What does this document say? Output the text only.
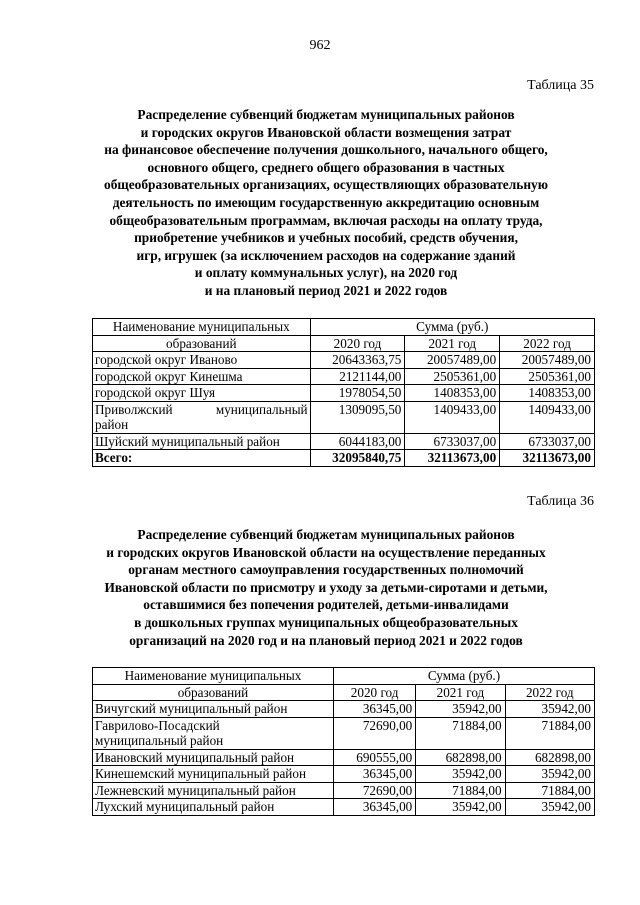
962
Таблица 35
Распределение субвенций бюджетам муниципальных районов
и городских округов Ивановской области возмещения затрат
на финансовое обеспечение получения дошкольного, начального общего,
основного общего, среднего общего образования в частных
общеобразовательных организациях, осуществляющих образовательную
деятельность по имеющим государственную аккредитацию основным
общеобразовательным программам, включая расходы на оплату труда,
приобретение учебников и учебных пособий, средств обучения,
игр, игрушек (за исключением расходов на содержание зданий
и оплату коммунальных услуг), на 2020 год
и на плановый период 2021 и 2022 годов
Наименование муниципальных	Сумма (руб.)		
образований	2020 год	2021 год	2022 год
городской округ Иваново	20643363,75	20057489,00	20057489,00
городской округ Кинешма	2121144,00	2505361,00	2505361,00
городской округ Шуя	1978054,50	1408353,00	1408353,00

Приволжский муниципальный
район	1309095,50	1409433,00	1409433,00
Шуйский муниципальный район	6044183,00	6733037,00	6733037,00
Всего:	32095840,75	32113673,00	32113673,00
Таблица 36
Распределение субвенций бюджетам муниципальных районов
и городских округов Ивановской области на осуществление переданных
органам местного самоуправления государственных полномочий
Ивановской области по присмотру и уходу за детьми-сиротами и детьми,
оставшимися без попечения родителей, детьми-инвалидами
в дошкольных группах муниципальных общеобразовательных
организаций на 2020 год и на плановый период 2021 и 2022 годов
Наименование муниципальных	Сумма (руб.)		
образований	2020 год	2021 год	2022 год
Вичугский муниципальный район	36345,00	35942,00	35942,00

Гаврилово-Посадский
муниципальный район	72690,00	71884,00	71884,00
Ивановский муниципальный район	690555,00	682898,00	682898,00
Кинешемский муниципальный район	36345,00	35942,00	35942,00
Лежневский муниципальный район	72690,00	71884,00	71884,00
Лухский муниципальный район	36345,00	35942,00	35942,00
